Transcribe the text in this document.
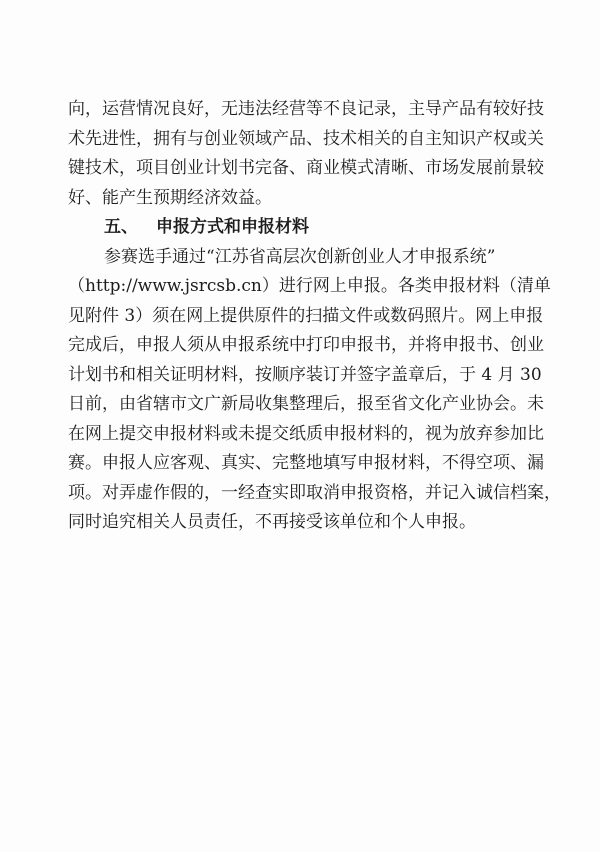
向，运营情况良好，无违法经营等不良记录，主导产品有较好技
术先进性，拥有与创业领域产品、技术相关的自主知识产权或关
键技术，项目创业计划书完备、商业模式清晰、市场发展前景较
好、能产生预期经济效益。
五、 申报方式和申报材料
参赛选手通过“江苏省高层次创新创业人才申报系统”
（http://www.jsrcsb.cn）进行网上申报。各类申报材料（清单
见附件 3）须在网上提供原件的扫描文件或数码照片。网上申报
完成后，申报人须从申报系统中打印申报书，并将申报书、创业
计划书和相关证明材料，按顺序装订并签字盖章后，于 4 月 30
日前，由省辖市文广新局收集整理后，报至省文化产业协会。未
在网上提交申报材料或未提交纸质申报材料的，视为放弃参加比
赛。申报人应客观、真实、完整地填写申报材料，不得空项、漏
项。对弄虚作假的，一经查实即取消申报资格，并记入诚信档案，
同时追究相关人员责任，不再接受该单位和个人申报。
